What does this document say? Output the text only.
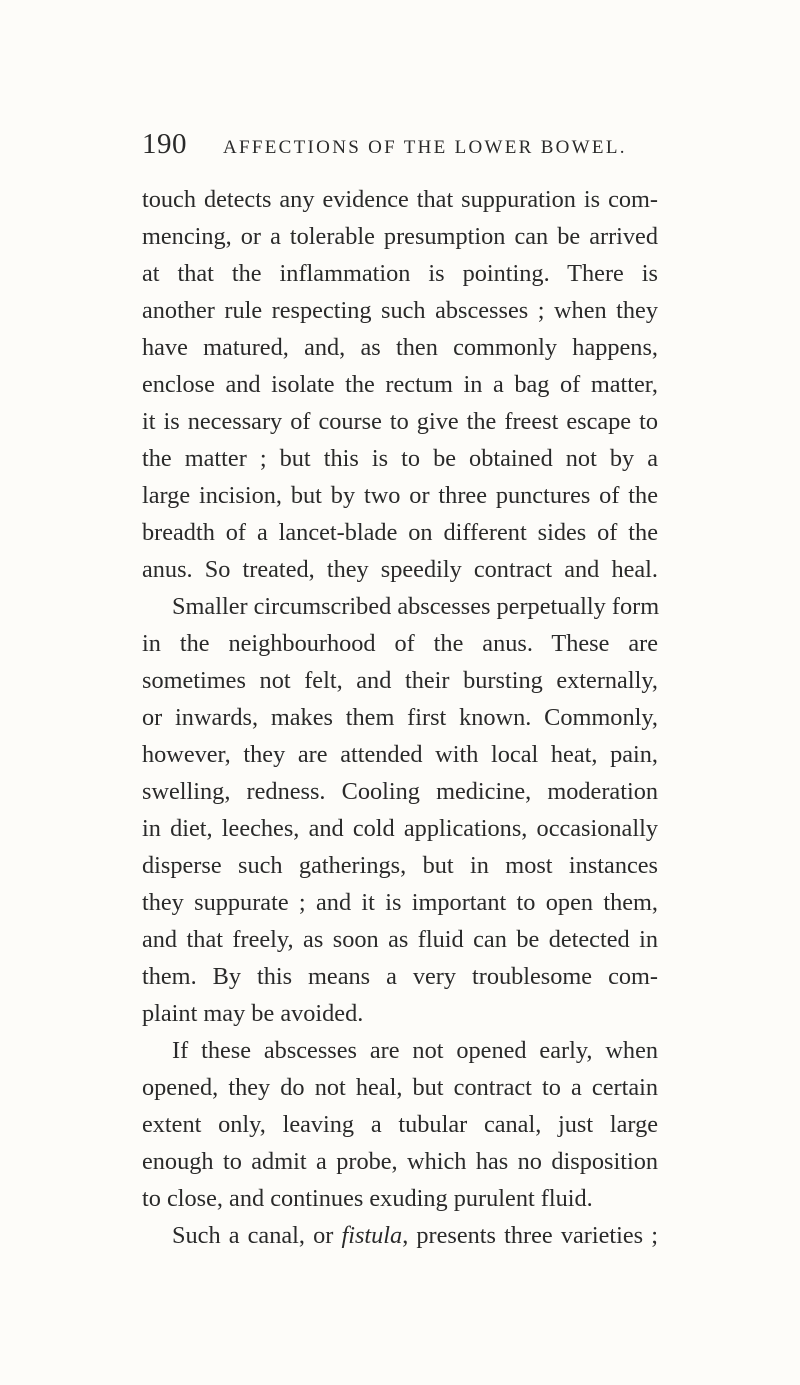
190 AFFECTIONS OF THE LOWER BOWEL.
touch detects any evidence that suppuration is com-
mencing, or a tolerable presumption can be arrived
at that the inflammation is pointing. There is
another rule respecting such abscesses ; when they
have matured, and, as then commonly happens,
enclose and isolate the rectum in a bag of matter,
it is necessary of course to give the freest escape to
the matter ; but this is to be obtained not by a
large incision, but by two or three punctures of the
breadth of a lancet-blade on different sides of the
anus. So treated, they speedily contract and heal.
Smaller circumscribed abscesses perpetually form
in the neighbourhood of the anus. These are
sometimes not felt, and their bursting externally,
or inwards, makes them first known. Commonly,
however, they are attended with local heat, pain,
swelling, redness. Cooling medicine, moderation
in diet, leeches, and cold applications, occasionally
disperse such gatherings, but in most instances
they suppurate ; and it is important to open them,
and that freely, as soon as fluid can be detected in
them. By this means a very troublesome com-
plaint may be avoided.
If these abscesses are not opened early, when
opened, they do not heal, but contract to a certain
extent only, leaving a tubular canal, just large
enough to admit a probe, which has no disposition
to close, and continues exuding purulent fluid.
Such a canal, or fistula, presents three varieties ;
